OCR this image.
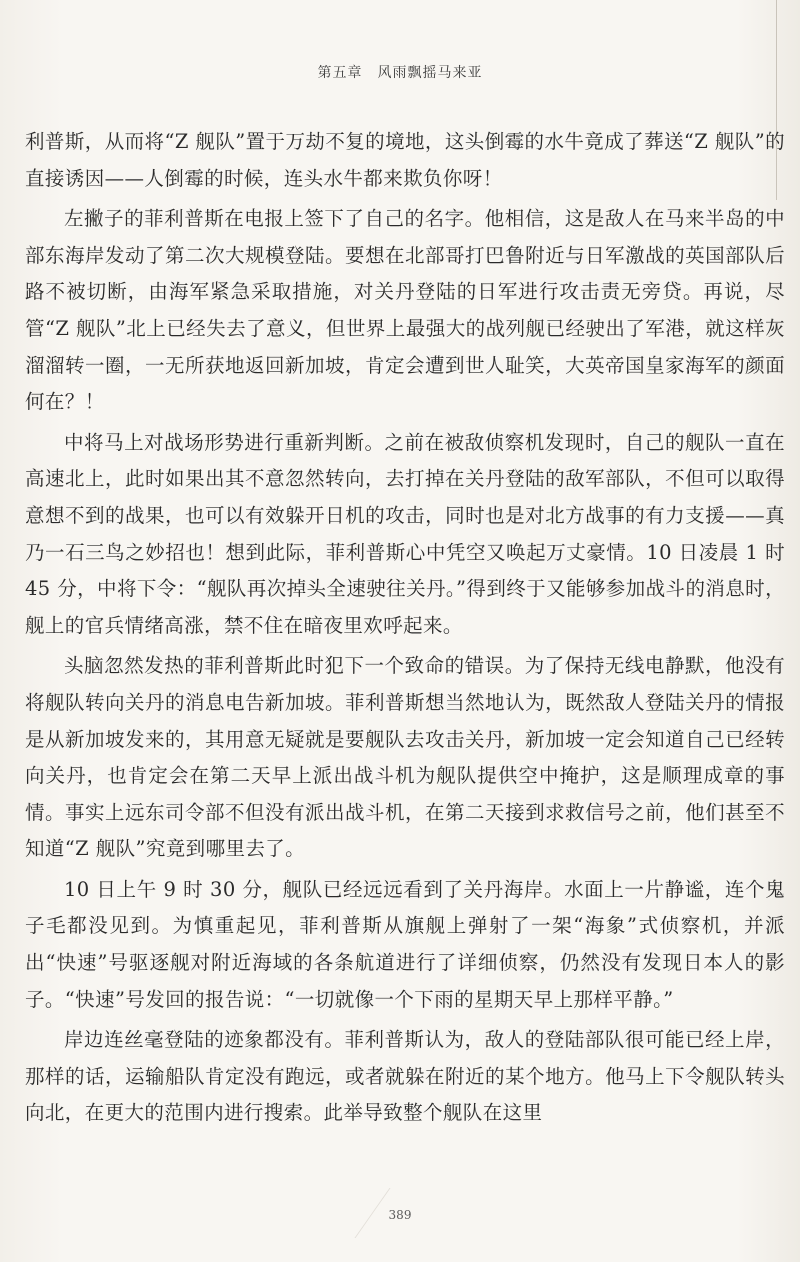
第五章　风雨飘摇马来亚

利普斯，从而将“Z 舰队”置于万劫不复的境地，这头倒霉的水牛竟成了葬送“Z 舰队”的直接诱因——人倒霉的时候，连头水牛都来欺负你呀！

左撇子的菲利普斯在电报上签下了自己的名字。他相信，这是敌人在马来半岛的中部东海岸发动了第二次大规模登陆。要想在北部哥打巴鲁附近与日军激战的英国部队后路不被切断，由海军紧急采取措施，对关丹登陆的日军进行攻击责无旁贷。再说，尽管“Z 舰队”北上已经失去了意义，但世界上最强大的战列舰已经驶出了军港，就这样灰溜溜转一圈，一无所获地返回新加坡，肯定会遭到世人耻笑，大英帝国皇家海军的颜面何在？！

中将马上对战场形势进行重新判断。之前在被敌侦察机发现时，自己的舰队一直在高速北上，此时如果出其不意忽然转向，去打掉在关丹登陆的敌军部队，不但可以取得意想不到的战果，也可以有效躲开日机的攻击，同时也是对北方战事的有力支援——真乃一石三鸟之妙招也！想到此际，菲利普斯心中凭空又唤起万丈豪情。10 日凌晨 1 时 45 分，中将下令：“舰队再次掉头全速驶往关丹。”得到终于又能够参加战斗的消息时，舰上的官兵情绪高涨，禁不住在暗夜里欢呼起来。

头脑忽然发热的菲利普斯此时犯下一个致命的错误。为了保持无线电静默，他没有将舰队转向关丹的消息电告新加坡。菲利普斯想当然地认为，既然敌人登陆关丹的情报是从新加坡发来的，其用意无疑就是要舰队去攻击关丹，新加坡一定会知道自己已经转向关丹，也肯定会在第二天早上派出战斗机为舰队提供空中掩护，这是顺理成章的事情。事实上远东司令部不但没有派出战斗机，在第二天接到求救信号之前，他们甚至不知道“Z 舰队”究竟到哪里去了。

10 日上午 9 时 30 分，舰队已经远远看到了关丹海岸。水面上一片静谧，连个鬼子毛都没见到。为慎重起见，菲利普斯从旗舰上弹射了一架“海象”式侦察机，并派出“快速”号驱逐舰对附近海域的各条航道进行了详细侦察，仍然没有发现日本人的影子。“快速”号发回的报告说：“一切就像一个下雨的星期天早上那样平静。”

岸边连丝毫登陆的迹象都没有。菲利普斯认为，敌人的登陆部队很可能已经上岸，那样的话，运输船队肯定没有跑远，或者就躲在附近的某个地方。他马上下令舰队转头向北，在更大的范围内进行搜索。此举导致整个舰队在这里

389
